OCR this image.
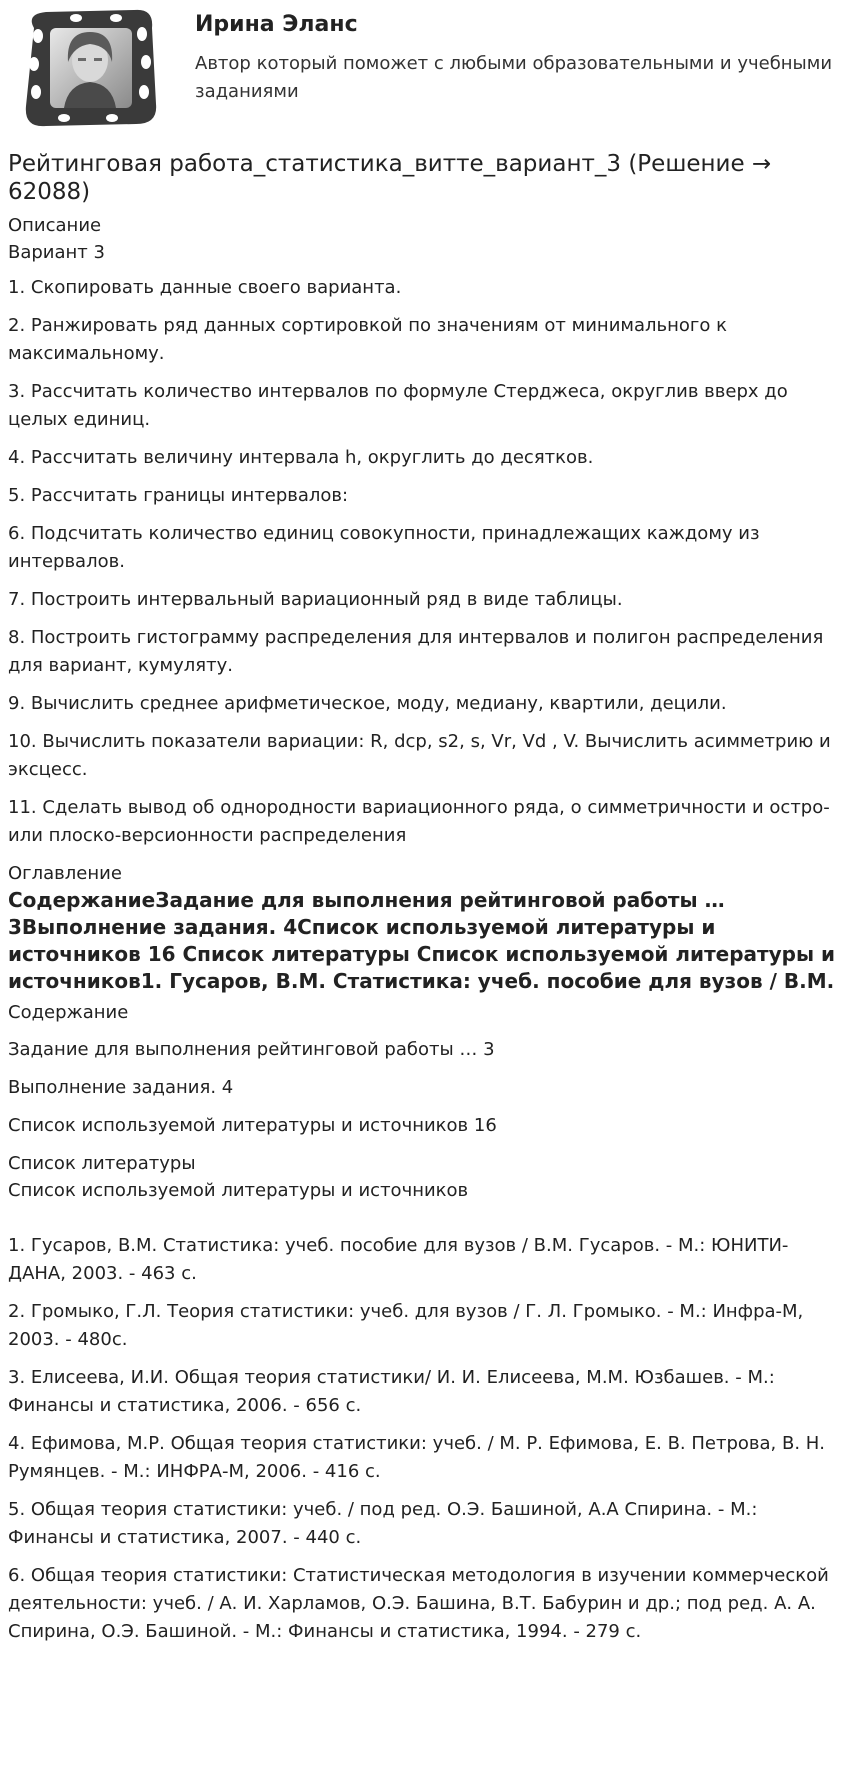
Ирина Эланс
Автор который поможет с любыми образовательными и учебными заданиями
Рейтинговая работа_статистика_витте_вариант_3 (Решение → 62088)
Описание
Вариант 3

1. Скопировать данные своего варианта.

2. Ранжировать ряд данных сортировкой по значениям от минимального к максимальному.

3. Рассчитать количество интервалов по формуле Стерджеса, округлив вверх до целых единиц.

4. Рассчитать величину интервала h, округлить до десятков.

5. Рассчитать границы интервалов:

6. Подсчитать количество единиц совокупности, принадлежащих каждому из интервалов.

7. Построить интервальный вариационный ряд в виде таблицы.

8. Построить гистограмму распределения для интервалов и полигон распределения для вариант, кумуляту.

9. Вычислить среднее арифметическое, моду, медиану, квартили, децили.

10. Вычислить показатели вариации: R, dcp, s2, s, Vr, Vd , V. Вычислить асимметрию и эксцесс.

11. Сделать вывод об однородности вариационного ряда, о симметричности и остро- или плоско-версионности распределения

Оглавление
СодержаниеЗадание для выполнения рейтинговой работы … 3Выполнение задания. 4Список используемой литературы и источников 16 Список литературы Список используемой литературы и источников1. Гусаров, В.М. Статистика: учеб. пособие для вузов / В.М.
Содержание

Задание для выполнения рейтинговой работы … 3

Выполнение задания. 4

Список используемой литературы и источников 16

Список литературы
Список используемой литературы и источников

1. Гусаров, В.М. Статистика: учеб. пособие для вузов / В.М. Гусаров. - М.: ЮНИТИ-ДАНА, 2003. - 463 с.

2. Громыко, Г.Л. Теория статистики: учеб. для вузов / Г. Л. Громыко. - М.: Инфра-М, 2003. - 480с.

3. Елисеева, И.И. Общая теория статистики/ И. И. Елисеева, М.М. Юзбашев. - М.: Финансы и статистика, 2006. - 656 с.

4. Ефимова, М.Р. Общая теория статистики: учеб. / М. Р. Ефимова, Е. В. Петрова, В. Н. Румянцев. - М.: ИНФРА-М, 2006. - 416 с.

5. Общая теория статистики: учеб. / под ред. О.Э. Башиной, А.А Спирина. - М.: Финансы и статистика, 2007. - 440 с.

6. Общая теория статистики: Статистическая методология в изучении коммерческой деятельности: учеб. / А. И. Харламов, О.Э. Башина, В.Т. Бабурин и др.; под ред. А. А. Спирина, О.Э. Башиной. - М.: Финансы и статистика, 1994. - 279 с.
